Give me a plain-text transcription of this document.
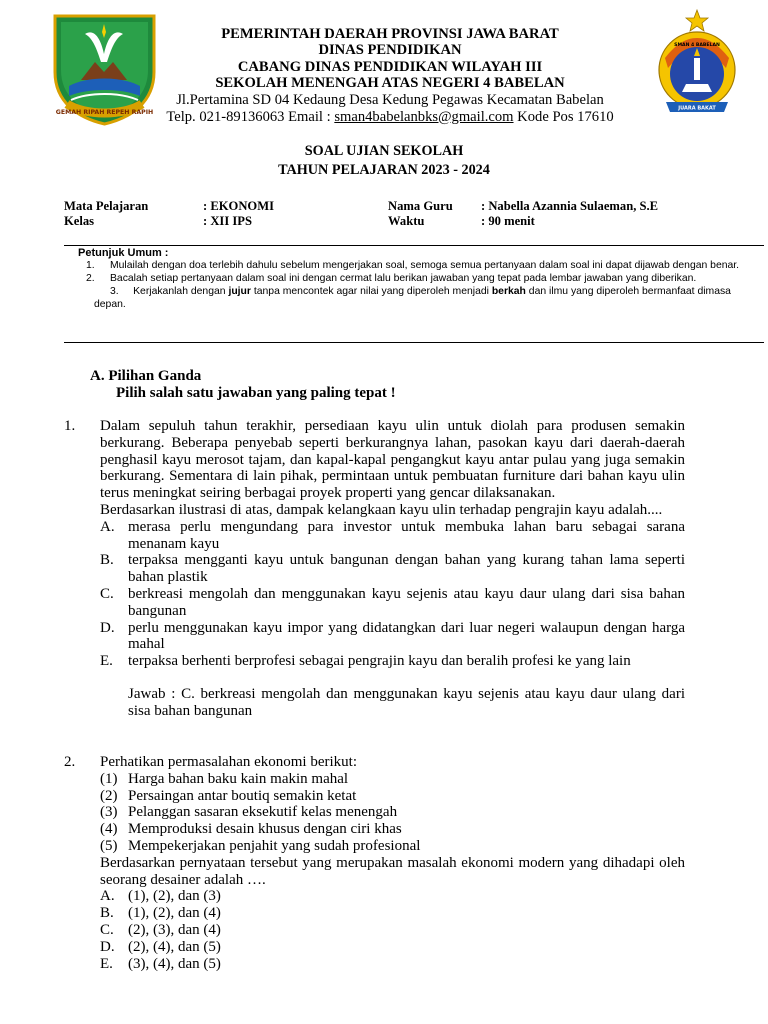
GEMAH RIPAH REPEH RAPIH
SMAN 4 BABELAN
JUARA BAKAT
PEMERINTAH DAERAH PROVINSI JAWA BARAT
DINAS PENDIDIKAN
CABANG DINAS PENDIDIKAN WILAYAH III
SEKOLAH MENENGAH ATAS NEGERI 4 BABELAN
Jl.Pertamina SD 04 Kedaung Desa Kedung Pegawas Kecamatan Babelan
Telp. 021-89136063 Email : sman4babelanbks@gmail.com Kode Pos 17610
SOAL UJIAN SEKOLAH
TAHUN PELAJARAN 2023 - 2024
Mata Pelajaran
Kelas
: EKONOMI
: XII IPS
Nama Guru
Waktu
: Nabella Azannia Sulaeman, S.E
: 90 menit
Petunjuk Umum :
1. Mulailah dengan doa terlebih dahulu sebelum mengerjakan soal, semoga semua pertanyaan dalam soal ini dapat dijawab dengan benar.
2. Bacalah setiap pertanyaan dalam soal ini dengan cermat lalu berikan jawaban yang tepat pada lembar jawaban yang diberikan.
3. Kerjakanlah dengan jujur tanpa mencontek agar nilai yang diperoleh menjadi berkah dan ilmu yang diperoleh bermanfaat dimasa depan.
A. Pilihan Ganda
Pilih salah satu jawaban yang paling tepat !
1. Dalam sepuluh tahun terakhir, persediaan kayu ulin untuk diolah para produsen semakin berkurang. Beberapa penyebab seperti berkurangnya lahan, pasokan kayu dari daerah-daerah penghasil kayu merosot tajam, dan kapal-kapal pengangkut kayu antar pulau yang juga semakin berkurang. Sementara di lain pihak, permintaan untuk pembuatan furniture dari bahan kayu ulin terus meningkat seiring berbagai proyek properti yang gencar dilaksanakan.
Berdasarkan ilustrasi di atas, dampak kelangkaan kayu ulin terhadap pengrajin kayu adalah....
A. merasa perlu mengundang para investor untuk membuka lahan baru sebagai sarana menanam kayu
B. terpaksa mengganti kayu untuk bangunan dengan bahan yang kurang tahan lama seperti bahan plastik
C. berkreasi mengolah dan menggunakan kayu sejenis atau kayu daur ulang dari sisa bahan bangunan
D. perlu menggunakan kayu impor yang didatangkan dari luar negeri walaupun dengan harga mahal
E. terpaksa berhenti berprofesi sebagai pengrajin kayu dan beralih profesi ke yang lain
Jawab : C. berkreasi mengolah dan menggunakan kayu sejenis atau kayu daur ulang dari sisa bahan bangunan
2. Perhatikan permasalahan ekonomi berikut:
(1) Harga bahan baku kain makin mahal
(2) Persaingan antar boutiq semakin ketat
(3) Pelanggan sasaran eksekutif kelas menengah
(4) Memproduksi desain khusus dengan ciri khas
(5) Mempekerjakan penjahit yang sudah profesional
Berdasarkan pernyataan tersebut yang merupakan masalah ekonomi modern yang dihadapi oleh seorang desainer adalah ….
A. (1), (2), dan (3)
B. (1), (2), dan (4)
C. (2), (3), dan (4)
D. (2), (4), dan (5)
E. (3), (4), dan (5)
